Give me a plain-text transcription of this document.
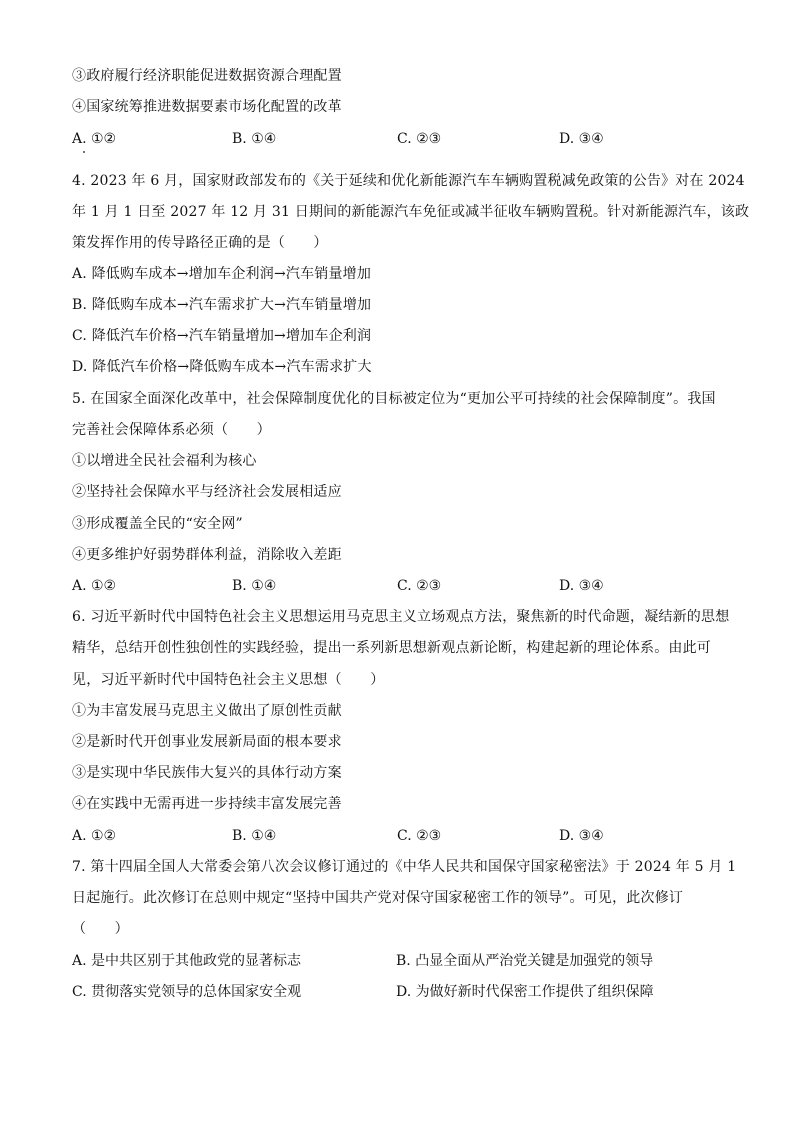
③政府履行经济职能促进数据资源合理配置
④国家统筹推进数据要素市场化配置的改革
A. ①②	B. ①④	C. ②③	D. ③④
4. 2023 年 6 月，国家财政部发布的《关于延续和优化新能源汽车车辆购置税减免政策的公告》对在 2024
年 1 月 1 日至 2027 年 12 月 31 日期间的新能源汽车免征或减半征收车辆购置税。针对新能源汽车，该政
策发挥作用的传导路径正确的是（　　）
A. 降低购车成本→增加车企利润→汽车销量增加
B. 降低购车成本→汽车需求扩大→汽车销量增加
C. 降低汽车价格→汽车销量增加→增加车企利润
D. 降低汽车价格→降低购车成本→汽车需求扩大
5. 在国家全面深化改革中，社会保障制度优化的目标被定位为“更加公平可持续的社会保障制度”。我国
完善社会保障体系必须（　　）
①以增进全民社会福利为核心
②坚持社会保障水平与经济社会发展相适应
③形成覆盖全民的“安全网”
④更多维护好弱势群体利益，消除收入差距
A. ①②	B. ①④	C. ②③	D. ③④
6. 习近平新时代中国特色社会主义思想运用马克思主义立场观点方法，聚焦新的时代命题，凝结新的思想
精华，总结开创性独创性的实践经验，提出一系列新思想新观点新论断，构建起新的理论体系。由此可
见，习近平新时代中国特色社会主义思想（　　）
①为丰富发展马克思主义做出了原创性贡献
②是新时代开创事业发展新局面的根本要求
③是实现中华民族伟大复兴的具体行动方案
④在实践中无需再进一步持续丰富发展完善
A. ①②	B. ①④	C. ②③	D. ③④
7. 第十四届全国人大常委会第八次会议修订通过的《中华人民共和国保守国家秘密法》于 2024 年 5 月 1
日起施行。此次修订在总则中规定“坚持中国共产党对保守国家秘密工作的领导”。可见，此次修订
（　　）
A. 是中共区别于其他政党的显著标志	B. 凸显全面从严治党关键是加强党的领导
C. 贯彻落实党领导的总体国家安全观	D. 为做好新时代保密工作提供了组织保障
